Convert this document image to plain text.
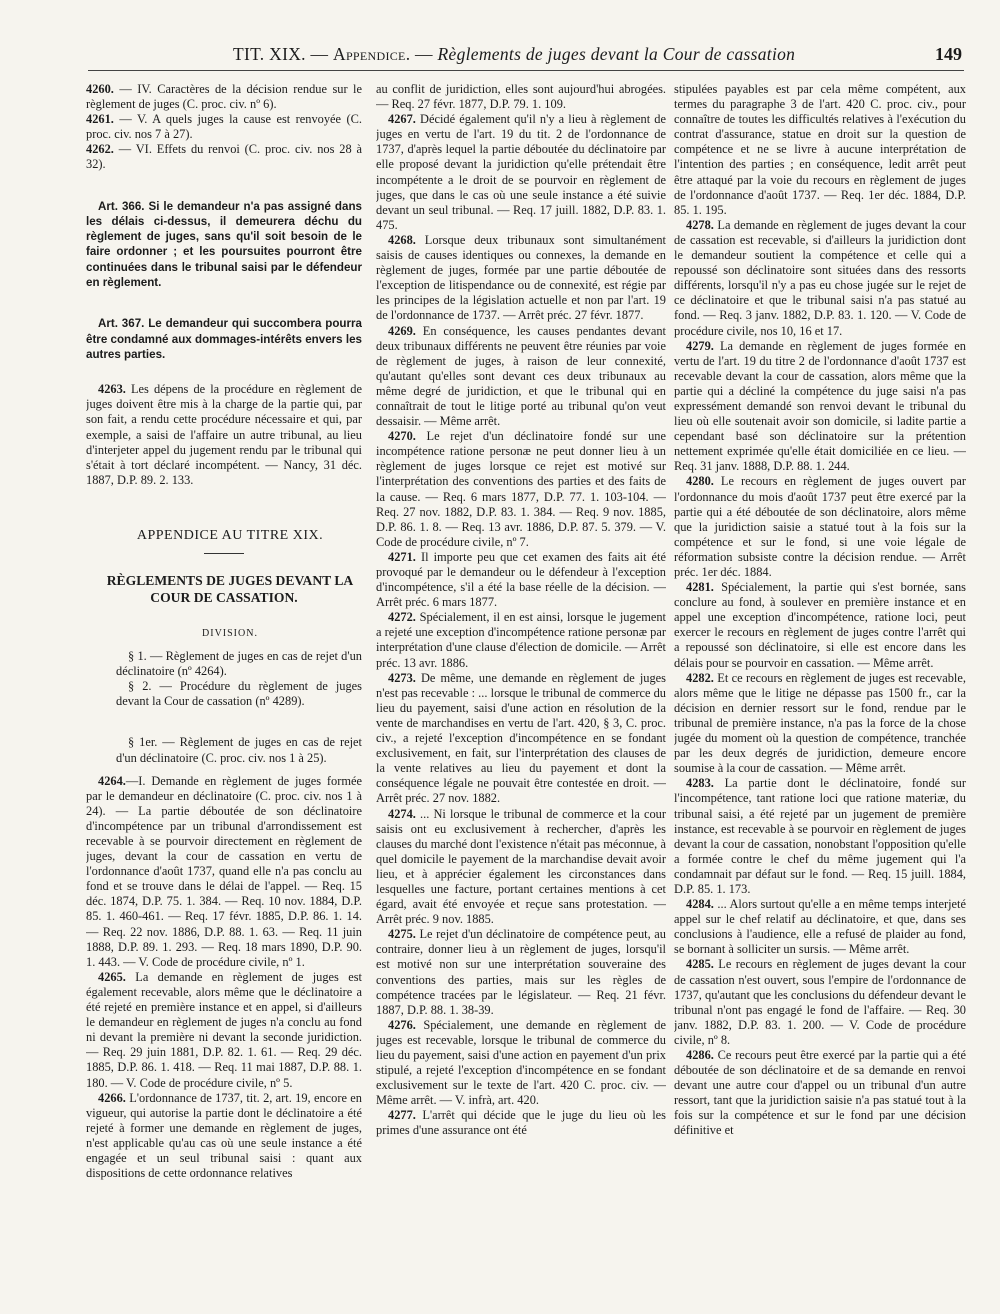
TIT. XIX. — Appendice. — Règlements de juges devant la Cour de cassation	149

4260. — IV. Caractères de la décision rendue sur le règlement de juges (C. proc. civ. nº 6).

4261. — V. A quels juges la cause est renvoyée (C. proc. civ. nos 7 à 27).

4262. — VI. Effets du renvoi (C. proc. civ. nos 28 à 32).

Art. 366. Si le demandeur n'a pas assigné dans les délais ci-dessus, il demeurera déchu du règlement de juges, sans qu'il soit besoin de le faire ordonner ; et les poursuites pourront être continuées dans le tribunal saisi par le défendeur en règlement.

Art. 367. Le demandeur qui succombera pourra être condamné aux dommages-intérêts envers les autres parties.

4263. Les dépens de la procédure en règlement de juges doivent être mis à la charge de la partie qui, par son fait, a rendu cette procédure nécessaire et qui, par exemple, a saisi de l'affaire un autre tribunal, au lieu d'interjeter appel du jugement rendu par le tribunal qui s'était à tort déclaré incompétent. — Nancy, 31 déc. 1887, D.P. 89. 2. 133.

APPENDICE AU TITRE XIX.

RÈGLEMENTS DE JUGES DEVANT LA COUR DE CASSATION.

DIVISION.

§ 1. — Règlement de juges en cas de rejet d'un déclinatoire (nº 4264).

§ 2. — Procédure du règlement de juges devant la Cour de cassation (nº 4289).

§ 1er. — Règlement de juges en cas de rejet d'un déclinatoire (C. proc. civ. nos 1 à 25).

4264.—I. Demande en règlement de juges formée par le demandeur en déclinatoire (C. proc. civ. nos 1 à 24). — La partie déboutée de son déclinatoire d'incompétence par un tribunal d'arrondissement est recevable à se pourvoir directement en règlement de juges, devant la cour de cassation en vertu de l'ordonnance d'août 1737, quand elle n'a pas conclu au fond et se trouve dans le délai de l'appel. — Req. 15 déc. 1874, D.P. 75. 1. 384. — Req. 10 nov. 1884, D.P. 85. 1. 460-461. — Req. 17 févr. 1885, D.P. 86. 1. 14. — Req. 22 nov. 1886, D.P. 88. 1. 63. — Req. 11 juin 1888, D.P. 89. 1. 293. — Req. 18 mars 1890, D.P. 90. 1. 443. — V. Code de procédure civile, nº 1.

4265. La demande en règlement de juges est également recevable, alors même que le déclinatoire a été rejeté en première instance et en appel, si d'ailleurs le demandeur en règlement de juges n'a conclu au fond ni devant la première ni devant la seconde juridiction. — Req. 29 juin 1881, D.P. 82. 1. 61. — Req. 29 déc. 1885, D.P. 86. 1. 418. — Req. 11 mai 1887, D.P. 88. 1. 180. — V. Code de procédure civile, nº 5.

4266. L'ordonnance de 1737, tit. 2, art. 19, encore en vigueur, qui autorise la partie dont le déclinatoire a été rejeté à former une demande en règlement de juges, n'est applicable qu'au cas où une seule instance a été engagée et un seul tribunal saisi : quant aux dispositions de cette ordonnance relatives

au conflit de juridiction, elles sont aujourd'hui abrogées. — Req. 27 févr. 1877, D.P. 79. 1. 109.

4267. Décidé également qu'il n'y a lieu à règlement de juges en vertu de l'art. 19 du tit. 2 de l'ordonnance de 1737, d'après lequel la partie déboutée du déclinatoire par elle proposé devant la juridiction qu'elle prétendait être incompétente a le droit de se pourvoir en règlement de juges, que dans le cas où une seule instance a été suivie devant un seul tribunal. — Req. 17 juill. 1882, D.P. 83. 1. 475.

4268. Lorsque deux tribunaux sont simultanément saisis de causes identiques ou connexes, la demande en règlement de juges, formée par une partie déboutée de l'exception de litispendance ou de connexité, est régie par les principes de la législation actuelle et non par l'art. 19 de l'ordonnance de 1737. — Arrêt préc. 27 févr. 1877.

4269. En conséquence, les causes pendantes devant deux tribunaux différents ne peuvent être réunies par voie de règlement de juges, à raison de leur connexité, qu'autant qu'elles sont devant ces deux tribunaux au même degré de juridiction, et que le tribunal qui en connaîtrait de tout le litige porté au tribunal qu'on veut dessaisir. — Même arrêt.

4270. Le rejet d'un déclinatoire fondé sur une incompétence ratione personæ ne peut donner lieu à un règlement de juges lorsque ce rejet est motivé sur l'interprétation des conventions des parties et des faits de la cause. — Req. 6 mars 1877, D.P. 77. 1. 103-104. — Req. 27 nov. 1882, D.P. 83. 1. 384. — Req. 9 nov. 1885, D.P. 86. 1. 8. — Req. 13 avr. 1886, D.P. 87. 5. 379. — V. Code de procédure civile, nº 7.

4271. Il importe peu que cet examen des faits ait été provoqué par le demandeur ou le défendeur à l'exception d'incompétence, s'il a été la base réelle de la décision. — Arrêt préc. 6 mars 1877.

4272. Spécialement, il en est ainsi, lorsque le jugement a rejeté une exception d'incompétence ratione personæ par interprétation d'une clause d'élection de domicile. — Arrêt préc. 13 avr. 1886.

4273. De même, une demande en règlement de juges n'est pas recevable : ... lorsque le tribunal de commerce du lieu du payement, saisi d'une action en résolution de la vente de marchandises en vertu de l'art. 420, § 3, C. proc. civ., a rejeté l'exception d'incompétence en se fondant exclusivement, en fait, sur l'interprétation des clauses de la vente relatives au lieu du payement et dont la conséquence légale ne pouvait être contestée en droit. — Arrêt préc. 27 nov. 1882.

4274. ... Ni lorsque le tribunal de commerce et la cour saisis ont eu exclusivement à rechercher, d'après les clauses du marché dont l'existence n'était pas méconnue, à quel domicile le payement de la marchandise devait avoir lieu, et à apprécier également les circonstances dans lesquelles une facture, portant certaines mentions à cet égard, avait été envoyée et reçue sans protestation. — Arrêt préc. 9 nov. 1885.

4275. Le rejet d'un déclinatoire de compétence peut, au contraire, donner lieu à un règlement de juges, lorsqu'il est motivé non sur une interprétation souveraine des conventions des parties, mais sur les règles de compétence tracées par le législateur. — Req. 21 févr. 1887, D.P. 88. 1. 38-39.

4276. Spécialement, une demande en règlement de juges est recevable, lorsque le tribunal de commerce du lieu du payement, saisi d'une action en payement d'un prix stipulé, a rejeté l'exception d'incompétence en se fondant exclusivement sur le texte de l'art. 420 C. proc. civ. — Même arrêt. — V. infrà, art. 420.

4277. L'arrêt qui décide que le juge du lieu où les primes d'une assurance ont été

stipulées payables est par cela même compétent, aux termes du paragraphe 3 de l'art. 420 C. proc. civ., pour connaître de toutes les difficultés relatives à l'exécution du contrat d'assurance, statue en droit sur la question de compétence et ne se livre à aucune interprétation de l'intention des parties ; en conséquence, ledit arrêt peut être attaqué par la voie du recours en règlement de juges de l'ordonnance d'août 1737. — Req. 1er déc. 1884, D.P. 85. 1. 195.

4278. La demande en règlement de juges devant la cour de cassation est recevable, si d'ailleurs la juridiction dont le demandeur soutient la compétence et celle qui a repoussé son déclinatoire sont situées dans des ressorts différents, lorsqu'il n'y a pas eu chose jugée sur le rejet de ce déclinatoire et que le tribunal saisi n'a pas statué au fond. — Req. 3 janv. 1882, D.P. 83. 1. 120. — V. Code de procédure civile, nos 10, 16 et 17.

4279. La demande en règlement de juges formée en vertu de l'art. 19 du titre 2 de l'ordonnance d'août 1737 est recevable devant la cour de cassation, alors même que la partie qui a décliné la compétence du juge saisi n'a pas expressément demandé son renvoi devant le tribunal du lieu où elle soutenait avoir son domicile, si ladite partie a cependant basé son déclinatoire sur la prétention nettement exprimée qu'elle était domiciliée en ce lieu. — Req. 31 janv. 1888, D.P. 88. 1. 244.

4280. Le recours en règlement de juges ouvert par l'ordonnance du mois d'août 1737 peut être exercé par la partie qui a été déboutée de son déclinatoire, alors même que la juridiction saisie a statué tout à la fois sur la compétence et sur le fond, si une voie légale de réformation subsiste contre la décision rendue. — Arrêt préc. 1er déc. 1884.

4281. Spécialement, la partie qui s'est bornée, sans conclure au fond, à soulever en première instance et en appel une exception d'incompétence, ratione loci, peut exercer le recours en règlement de juges contre l'arrêt qui a repoussé son déclinatoire, si elle est encore dans les délais pour se pourvoir en cassation. — Même arrêt.

4282. Et ce recours en règlement de juges est recevable, alors même que le litige ne dépasse pas 1500 fr., car la décision en dernier ressort sur le fond, rendue par le tribunal de première instance, n'a pas la force de la chose jugée du moment où la question de compétence, tranchée par les deux degrés de juridiction, demeure encore soumise à la cour de cassation. — Même arrêt.

4283. La partie dont le déclinatoire, fondé sur l'incompétence, tant ratione loci que ratione materiæ, du tribunal saisi, a été rejeté par un jugement de première instance, est recevable à se pourvoir en règlement de juges devant la cour de cassation, nonobstant l'opposition qu'elle a formée contre le chef du même jugement qui l'a condamnait par défaut sur le fond. — Req. 15 juill. 1884, D.P. 85. 1. 173.

4284. ... Alors surtout qu'elle a en même temps interjeté appel sur le chef relatif au déclinatoire, et que, dans ses conclusions à l'audience, elle a refusé de plaider au fond, se bornant à solliciter un sursis. — Même arrêt.

4285. Le recours en règlement de juges devant la cour de cassation n'est ouvert, sous l'empire de l'ordonnance de 1737, qu'autant que les conclusions du défendeur devant le tribunal n'ont pas engagé le fond de l'affaire. — Req. 30 janv. 1882, D.P. 83. 1. 200. — V. Code de procédure civile, nº 8.

4286. Ce recours peut être exercé par la partie qui a été déboutée de son déclinatoire et de sa demande en renvoi devant une autre cour d'appel ou un tribunal d'un autre ressort, tant que la juridiction saisie n'a pas statué tout à la fois sur la compétence et sur le fond par une décision définitive et
